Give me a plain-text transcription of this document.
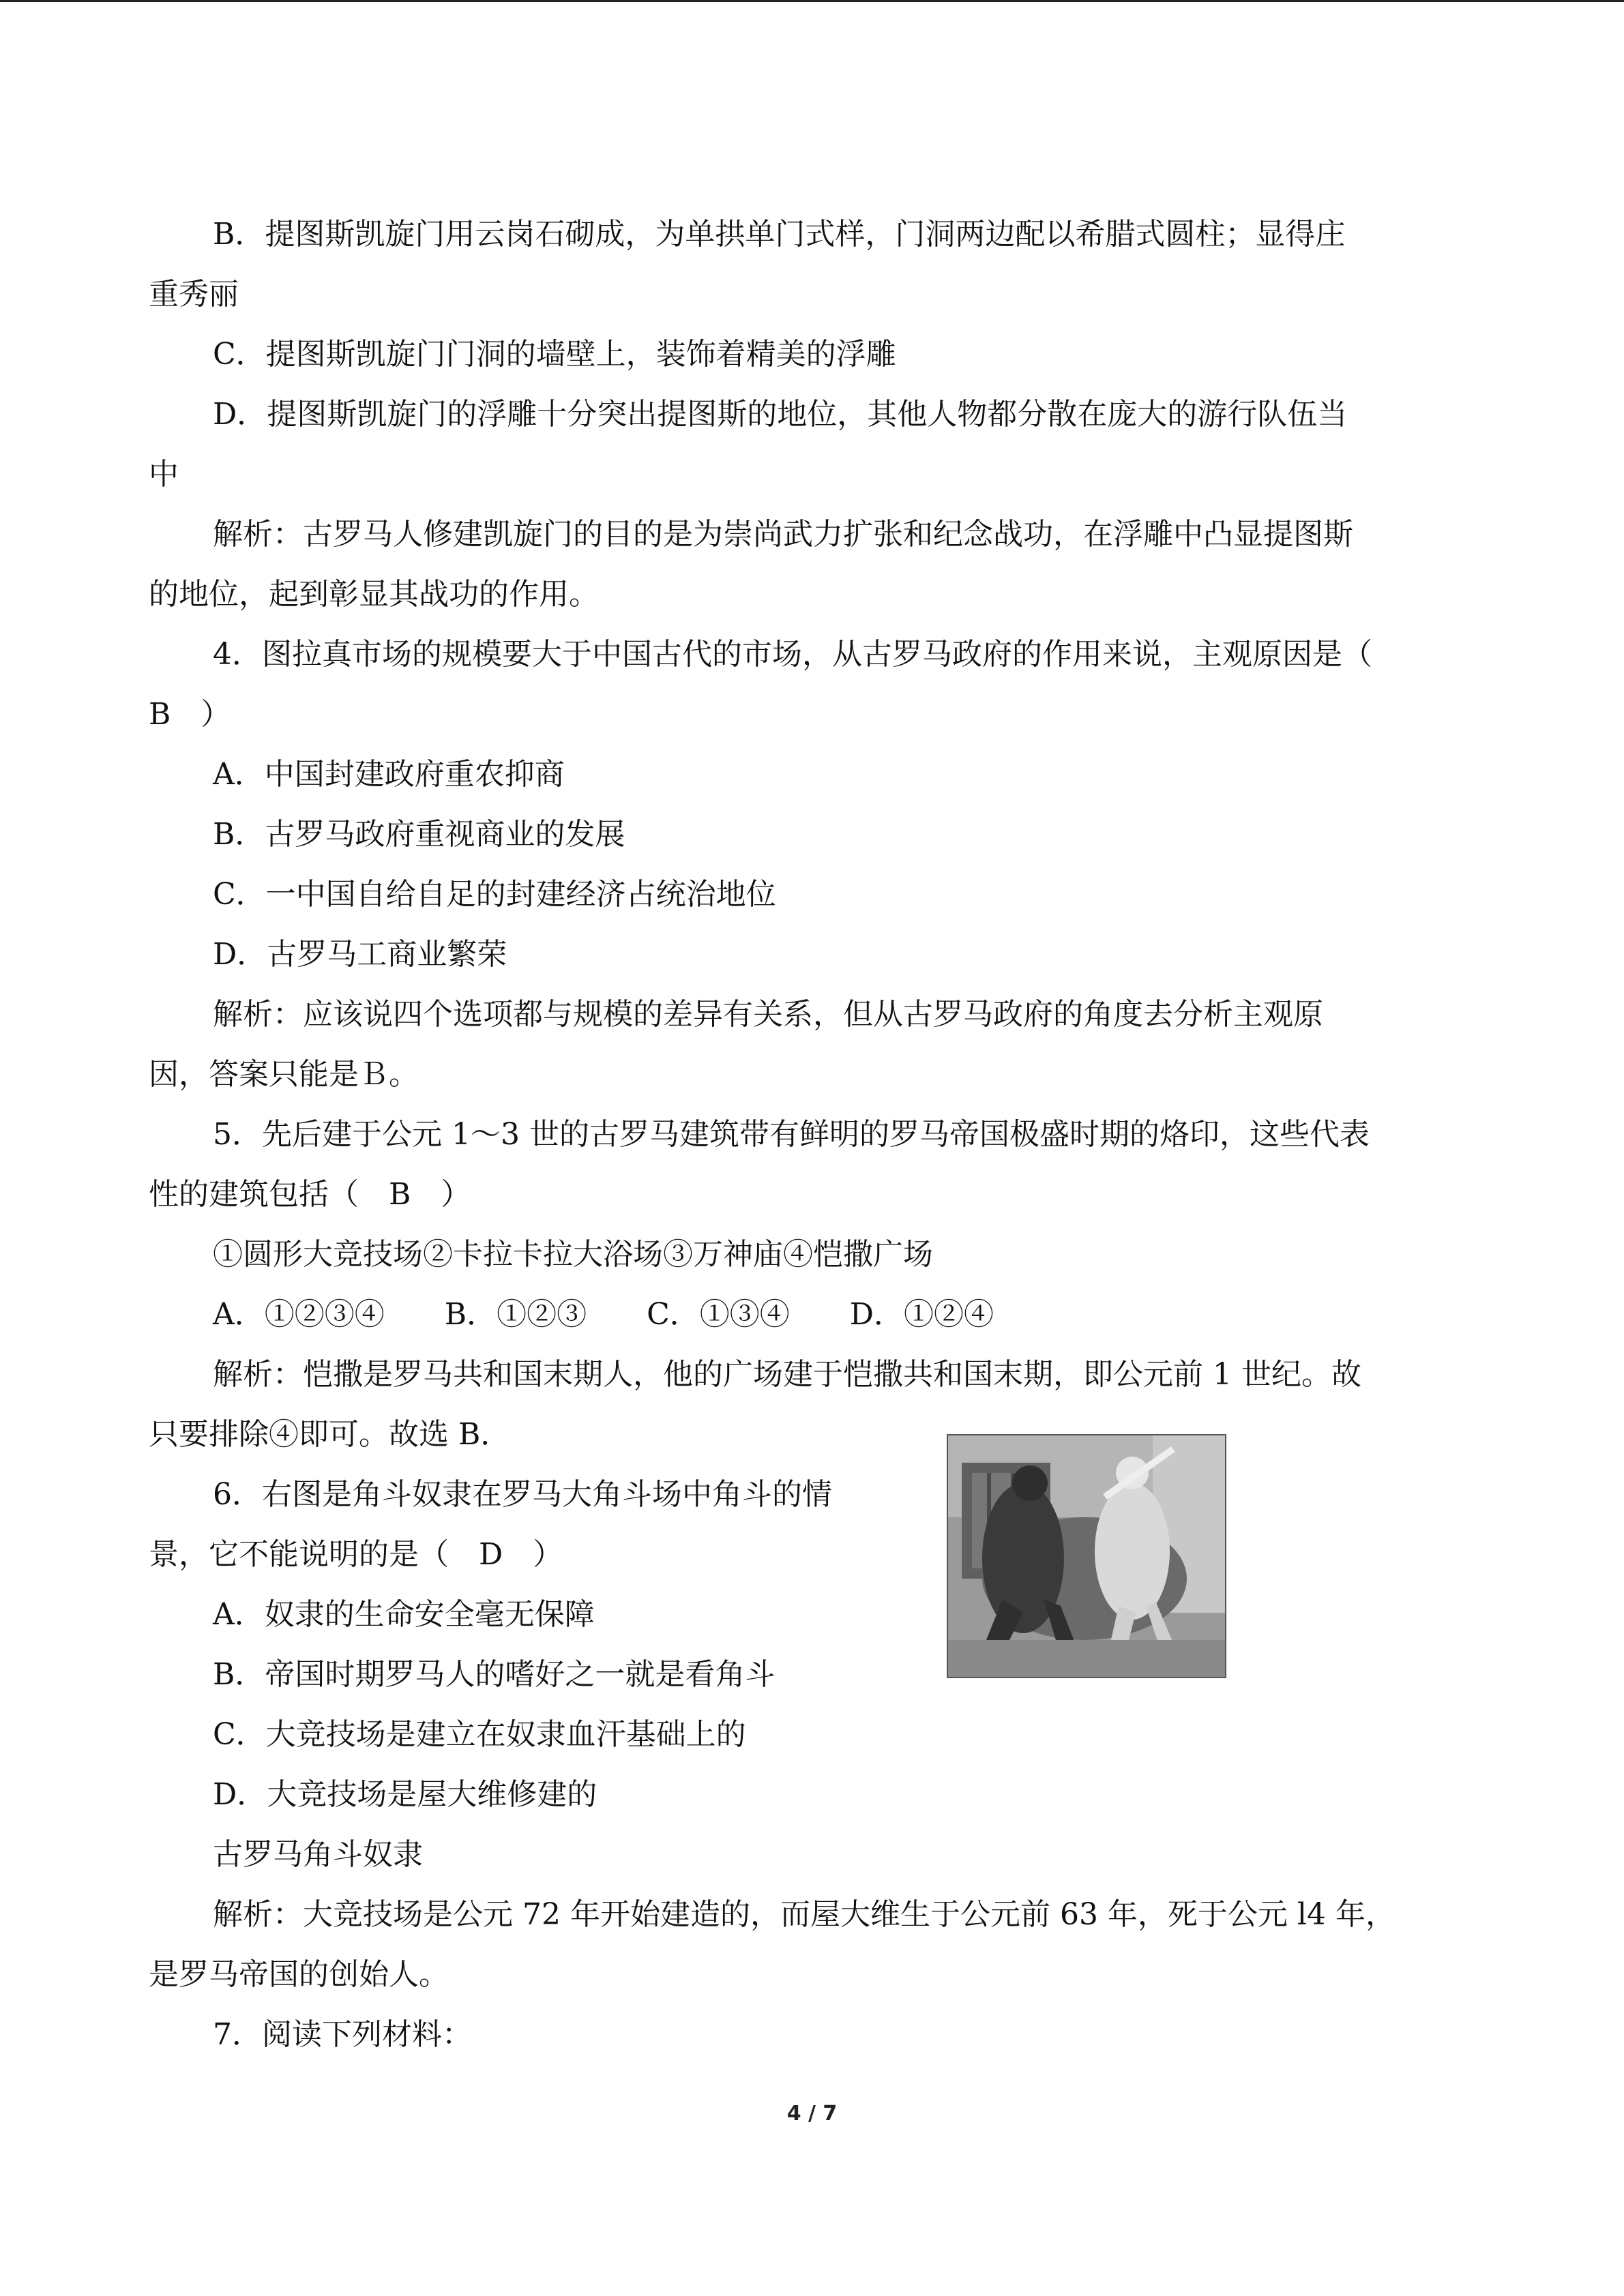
B．提图斯凯旋门用云岗石砌成，为单拱单门式样，门洞两边配以希腊式圆柱；显得庄
重秀丽
C．提图斯凯旋门门洞的墙壁上，装饰着精美的浮雕
D．提图斯凯旋门的浮雕十分突出提图斯的地位，其他人物都分散在庞大的游行队伍当
中
解析：古罗马人修建凯旋门的目的是为崇尚武力扩张和纪念战功，在浮雕中凸显提图斯
的地位，起到彰显其战功的作用。
4．图拉真市场的规模要大于中国古代的市场，从古罗马政府的作用来说，主观原因是（
B　）
A．中国封建政府重农抑商
B．古罗马政府重视商业的发展
C．一中国自给自足的封建经济占统治地位
D．古罗马工商业繁荣
解析：应该说四个选项都与规模的差异有关系，但从古罗马政府的角度去分析主观原
因，答案只能是Ｂ。
5．先后建于公元 1～3 世的古罗马建筑带有鲜明的罗马帝国极盛时期的烙印，这些代表
性的建筑包括（　B　）
①圆形大竞技场②卡拉卡拉大浴场③万神庙④恺撒广场
A．①②③④　　B．①②③　　C．①③④　　D．①②④
解析：恺撒是罗马共和国末期人，他的广场建于恺撒共和国末期，即公元前 1 世纪。故
只要排除④即可。故选 B．
6．右图是角斗奴隶在罗马大角斗场中角斗的情
景，它不能说明的是（　D　）
A．奴隶的生命安全毫无保障
B．帝国时期罗马人的嗜好之一就是看角斗
C．大竞技场是建立在奴隶血汗基础上的
D．大竞技场是屋大维修建的
古罗马角斗奴隶
解析：大竞技场是公元 72 年开始建造的，而屋大维生于公元前 63 年，死于公元 l4 年，
是罗马帝国的创始人。
7．阅读下列材料：
4 / 7
